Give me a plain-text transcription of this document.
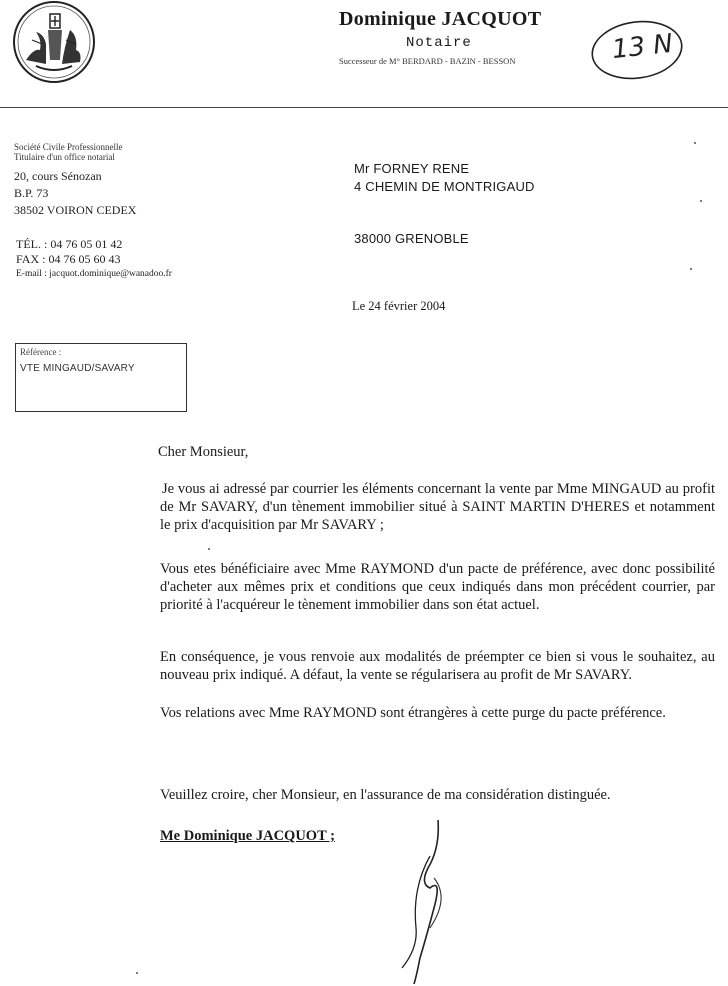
Dominique JACQUOT
Notaire
Successeur de M° BERDARD - BAZIN - BESSON	13 N
Société Civile Professionnelle
Titulaire d'un office notarial
20, cours Sénozan
B.P. 73
38502 VOIRON CEDEX
TÉL. : 04 76 05 01 42
FAX : 04 76 05 60 43
E-mail : jacquot.dominique@wanadoo.fr
Mr FORNEY RENE
4 CHEMIN DE MONTRIGAUD
38000 GRENOBLE
Le 24 février 2004
Référence :
VTE MINGAUD/SAVARY
Cher Monsieur,
Je vous ai adressé par courrier les éléments concernant la vente par Mme MINGAUD au profit de Mr SAVARY, d'un tènement immobilier situé à SAINT MARTIN D'HERES et notamment le prix d'acquisition par Mr SAVARY ;
Vous etes bénéficiaire avec Mme RAYMOND d'un pacte de préférence, avec donc possibilité d'acheter aux mêmes prix et conditions que ceux indiqués dans mon précédent courrier, par priorité à l'acquéreur le tènement immobilier dans son état actuel.
En conséquence, je vous renvoie aux modalités de préempter ce bien si vous le souhaitez, au nouveau prix indiqué. A défaut, la vente se régularisera au profit de Mr SAVARY.
Vos relations avec Mme RAYMOND sont étrangères à cette purge du pacte préférence.
Veuillez croire, cher Monsieur, en l'assurance de ma considération distinguée.
Me Dominique JACQUOT ;
